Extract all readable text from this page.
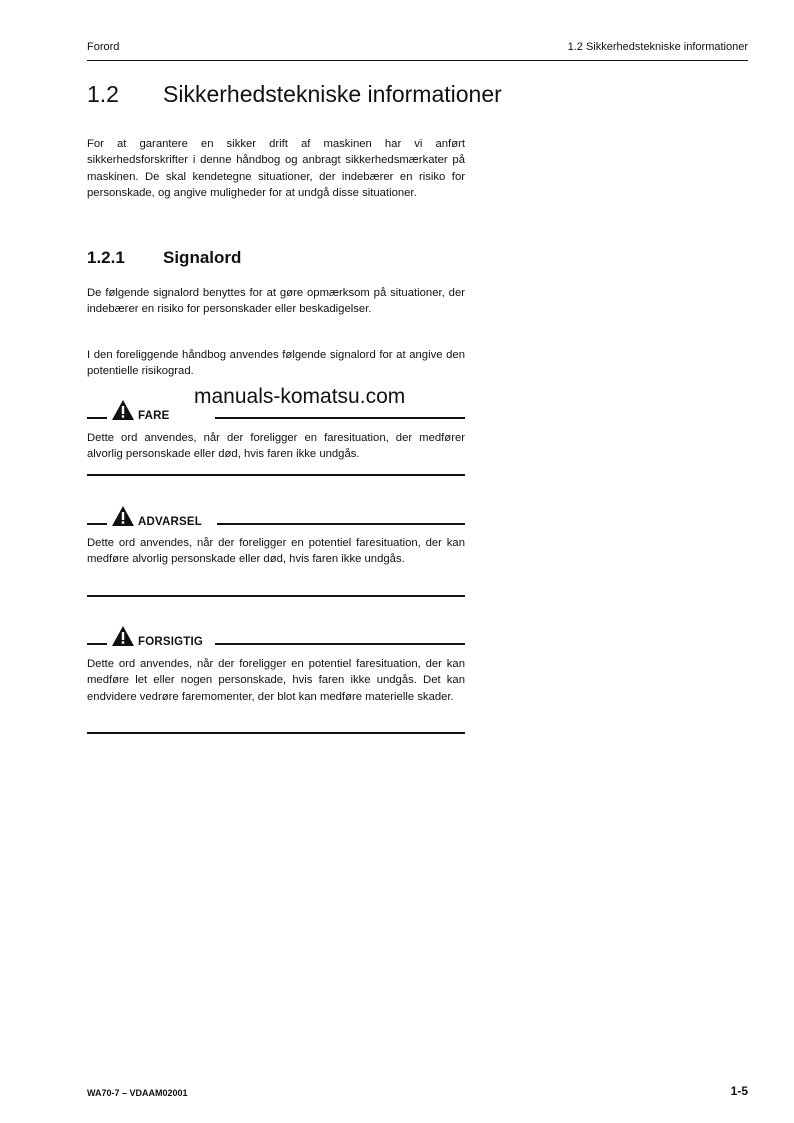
Forord	1.2 Sikkerhedstekniske informationer
1.2 Sikkerhedstekniske informationer

For at garantere en sikker drift af maskinen har vi anført sikkerhedsforskrifter i denne håndbog og anbragt sikkerhedsmærkater på maskinen. De skal kendetegne situationer, der indebærer en risiko for personskade, og angive muligheder for at undgå disse situationer.

1.2.1 Signalord

De følgende signalord benyttes for at gøre opmærksom på situationer, der indebærer en risiko for personskader eller beskadigelser.

I den foreliggende håndbog anvendes følgende signalord for at angive den potentielle risikograd.

manuals-komatsu.com
FARE

Dette ord anvendes, når der foreligger en faresituation, der medfører alvorlig personskade eller død, hvis faren ikke undgås.

ADVARSEL

Dette ord anvendes, når der foreligger en potentiel faresituation, der kan medføre alvorlig personskade eller død, hvis faren ikke undgås.

FORSIGTIG

Dette ord anvendes, når der foreligger en potentiel faresituation, der kan medføre let eller nogen personskade, hvis faren ikke undgås. Det kan endvidere vedrøre faremomenter, der blot kan medføre materielle skader.

WA70-7 – VDAAM02001	1-5
